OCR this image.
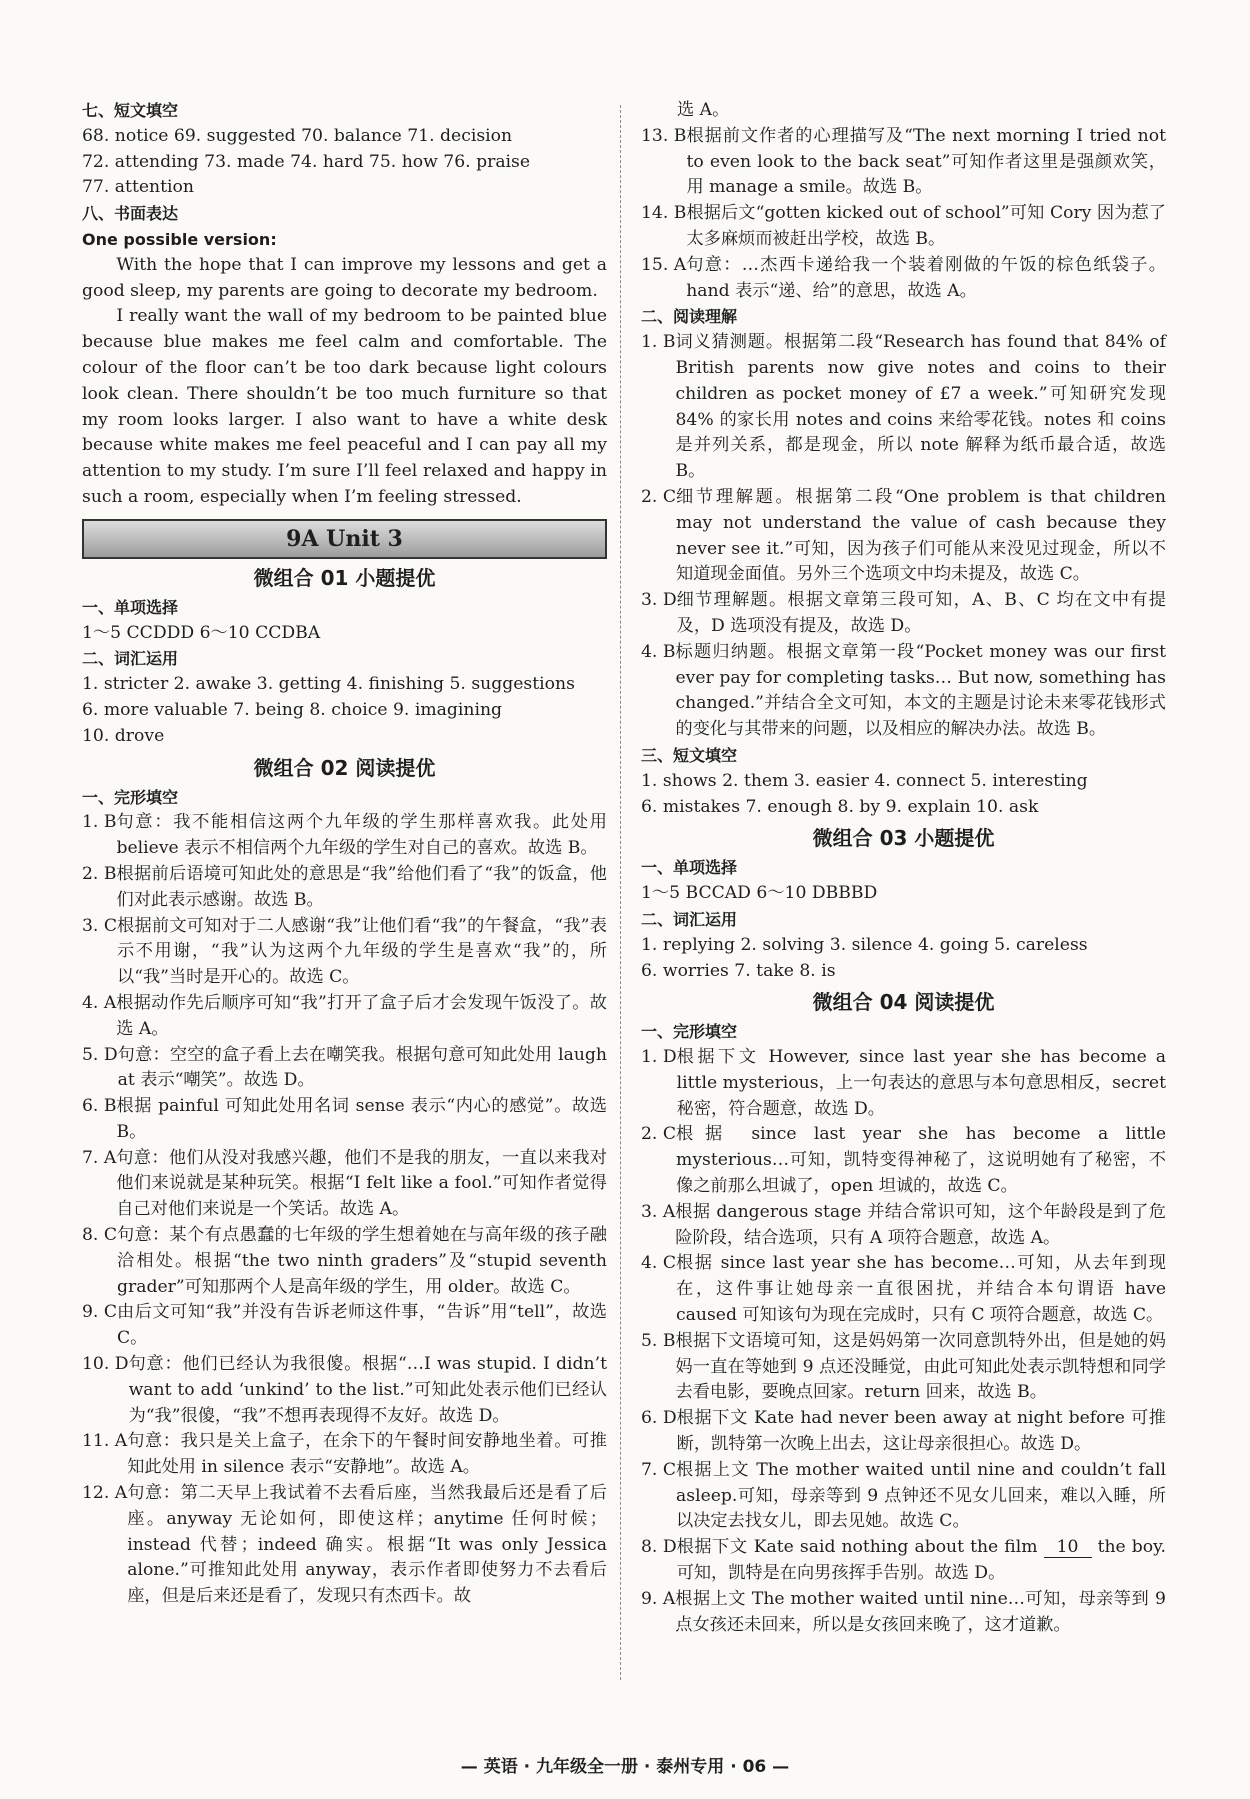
七、短文填空
68. notice 69. suggested 70. balance 71. decision
72. attending 73. made 74. hard 75. how 76. praise
77. attention
八、书面表达
One possible version:
With the hope that I can improve my lessons and get a good sleep, my parents are going to decorate my bedroom.
I really want the wall of my bedroom to be painted blue because blue makes me feel calm and comfortable. The colour of the floor can’t be too dark because light colours look clean. There shouldn’t be too much furniture so that my room looks larger. I also want to have a white desk because white makes me feel peaceful and I can pay all my attention to my study. I’m sure I’ll feel relaxed and happy in such a room, especially when I’m feeling stressed.
9A Unit 3
微组合 01 小题提优
一、单项选择
1～5 CCDDD 6～10 CCDBA
二、词汇运用
1. stricter 2. awake 3. getting 4. finishing 5. suggestions
6. more valuable 7. being 8. choice 9. imagining
10. drove
微组合 02 阅读提优
一、完形填空
1. B 句意：我不能相信这两个九年级的学生那样喜欢我。此处用 believe 表示不相信两个九年级的学生对自己的喜欢。故选 B。
2. B 根据前后语境可知此处的意思是“我”给他们看了“我”的饭盒，他们对此表示感谢。故选 B。
3. C 根据前文可知对于二人感谢“我”让他们看“我”的午餐盒，“我”表示不用谢，“我”认为这两个九年级的学生是喜欢“我”的，所以“我”当时是开心的。故选 C。
4. A 根据动作先后顺序可知“我”打开了盒子后才会发现午饭没了。故选 A。
5. D 句意：空空的盒子看上去在嘲笑我。根据句意可知此处用 laugh at 表示“嘲笑”。故选 D。
6. B 根据 painful 可知此处用名词 sense 表示“内心的感觉”。故选 B。
7. A 句意：他们从没对我感兴趣，他们不是我的朋友，一直以来我对他们来说就是某种玩笑。根据“I felt like a fool.”可知作者觉得自己对他们来说是一个笑话。故选 A。
8. C 句意：某个有点愚蠢的七年级的学生想着她在与高年级的孩子融洽相处。根据“the two ninth graders”及“stupid seventh grader”可知那两个人是高年级的学生，用 older。故选 C。
9. C 由后文可知“我”并没有告诉老师这件事，“告诉”用“tell”，故选 C。
10. D 句意：他们已经认为我很傻。根据“…I was stupid. I didn’t want to add ‘unkind’ to the list.”可知此处表示他们已经认为“我”很傻，“我”不想再表现得不友好。故选 D。
11. A 句意：我只是关上盒子，在余下的午餐时间安静地坐着。可推知此处用 in silence 表示“安静地”。故选 A。
12. A 句意：第二天早上我试着不去看后座，当然我最后还是看了后座。anyway 无论如何，即使这样；anytime 任何时候；instead 代替；indeed 确实。根据“It was only Jessica alone.”可推知此处用 anyway，表示作者即使努力不去看后座，但是后来还是看了，发现只有杰西卡。故
选 A。
13. B 根据前文作者的心理描写及“The next morning I tried not to even look to the back seat”可知作者这里是强颜欢笑，用 manage a smile。故选 B。
14. B 根据后文“gotten kicked out of school”可知 Cory 因为惹了太多麻烦而被赶出学校，故选 B。
15. A 句意：…杰西卡递给我一个装着刚做的午饭的棕色纸袋子。hand 表示“递、给”的意思，故选 A。
二、阅读理解
1. B 词义猜测题。根据第二段“Research has found that 84% of British parents now give notes and coins to their children as pocket money of £7 a week.”可知研究发现 84% 的家长用 notes and coins 来给零花钱。notes 和 coins 是并列关系，都是现金，所以 note 解释为纸币最合适，故选 B。
2. C 细节理解题。根据第二段“One problem is that children may not understand the value of cash because they never see it.”可知，因为孩子们可能从来没见过现金，所以不知道现金面值。另外三个选项文中均未提及，故选 C。
3. D 细节理解题。根据文章第三段可知，A、B、C 均在文中有提及，D 选项没有提及，故选 D。
4. B 标题归纳题。根据文章第一段“Pocket money was our first ever pay for completing tasks… But now, something has changed.”并结合全文可知，本文的主题是讨论未来零花钱形式的变化与其带来的问题，以及相应的解决办法。故选 B。
三、短文填空
1. shows 2. them 3. easier 4. connect 5. interesting
6. mistakes 7. enough 8. by 9. explain 10. ask
微组合 03 小题提优
一、单项选择
1～5 BCCAD 6～10 DBBBD
二、词汇运用
1. replying 2. solving 3. silence 4. going 5. careless
6. worries 7. take 8. is
微组合 04 阅读提优
一、完形填空
1. D 根据下文 However, since last year she has become a little mysterious，上一句表达的意思与本句意思相反，secret 秘密，符合题意，故选 D。
2. C 根据 since last year she has become a little mysterious…可知，凯特变得神秘了，这说明她有了秘密，不像之前那么坦诚了，open 坦诚的，故选 C。
3. A 根据 dangerous stage 并结合常识可知，这个年龄段是到了危险阶段，结合选项，只有 A 项符合题意，故选 A。
4. C 根据 since last year she has become…可知，从去年到现在，这件事让她母亲一直很困扰，并结合本句谓语 have caused 可知该句为现在完成时，只有 C 项符合题意，故选 C。
5. B 根据下文语境可知，这是妈妈第一次同意凯特外出，但是她的妈妈一直在等她到 9 点还没睡觉，由此可知此处表示凯特想和同学去看电影，要晚点回家。return 回来，故选 B。
6. D 根据下文 Kate had never been away at night before 可推断，凯特第一次晚上出去，这让母亲很担心。故选 D。
7. C 根据上文 The mother waited until nine and couldn’t fall asleep.可知，母亲等到 9 点钟还不见女儿回来，难以入睡，所以决定去找女儿，即去见她。故选 C。
8. D 根据下文 Kate said nothing about the film 10 the boy.可知，凯特是在向男孩挥手告别。故选 D。
9. A 根据上文 The mother waited until nine…可知，母亲等到 9 点女孩还未回来，所以是女孩回来晚了，这才道歉。
— 英语 · 九年级全一册 · 泰州专用 · 06 —
